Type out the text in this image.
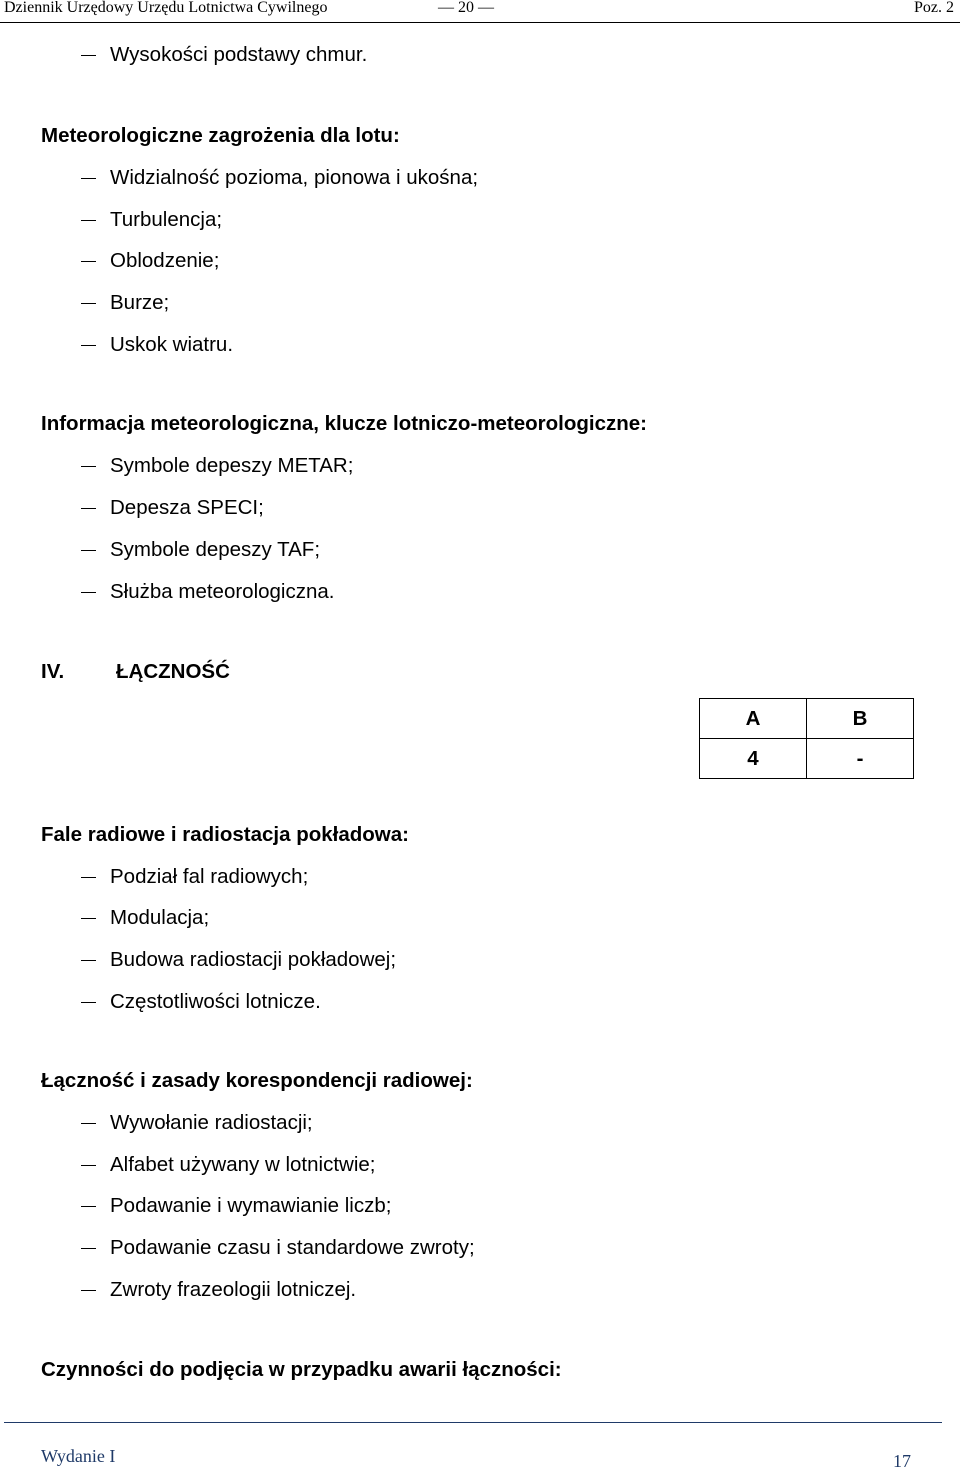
Dziennik Urzędowy Urzędu Lotnictwa Cywilnego	— 20 —	Poz. 2
Wysokości podstawy chmur.
Meteorologiczne zagrożenia dla lotu:
Widzialność pozioma, pionowa i ukośna;
Turbulencja;
Oblodzenie;
Burze;
Uskok wiatru.
Informacja meteorologiczna, klucze lotniczo-meteorologiczne:
Symbole depeszy METAR;
Depesza SPECI;
Symbole depeszy TAF;
Służba meteorologiczna.
IV.	ŁĄCZNOŚĆ
A	B
4	-
Fale radiowe i radiostacja pokładowa:
Podział fal radiowych;
Modulacja;
Budowa radiostacji pokładowej;
Częstotliwości lotnicze.
Łączność i zasady korespondencji radiowej:
Wywołanie radiostacji;
Alfabet używany w lotnictwie;
Podawanie i wymawianie liczb;
Podawanie czasu i standardowe zwroty;
Zwroty frazeologii lotniczej.
Czynności do podjęcia w przypadku awarii łączności:
Wydanie I	17
